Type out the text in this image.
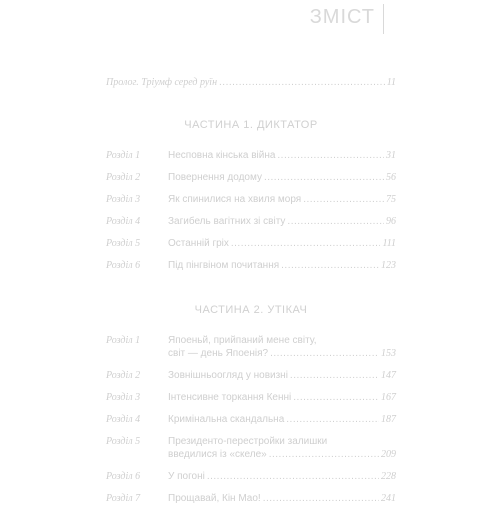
ЗМІСТ
Пролог. Тріумф серед руїн .....	11
ЧАСТИНА 1. ДИКТАТОР
Розділ 1	Несповна кінська війна .....	31
Розділ 2	Повернення додому .....	56
Розділ 3	Як спинилися на хвиля моря .....	75
Розділ 4	Загибель вагітних зі світу .....	96
Розділ 5	Останній гріх .....	111
Розділ 6	Під пінгвіном почитання .....	123
ЧАСТИНА 2. УТІКАЧ
Розділ 1	Япоеньй, прийпаний мене світу,
світ — день Япоенія? .....	153
Розділ 2	Зовнішньоогляд у новизні .....	147
Розділ 3	Інтенсивне торкання Кенні .....	167
Розділ 4	Кримінальна скандальна .....	187
Розділ 5	Президенто-перестройки залишки
введилися із «скеле» .....	209
Розділ 6	У погоні .....	228
Розділ 7	Прощавай, Кін Мао! .....	241
